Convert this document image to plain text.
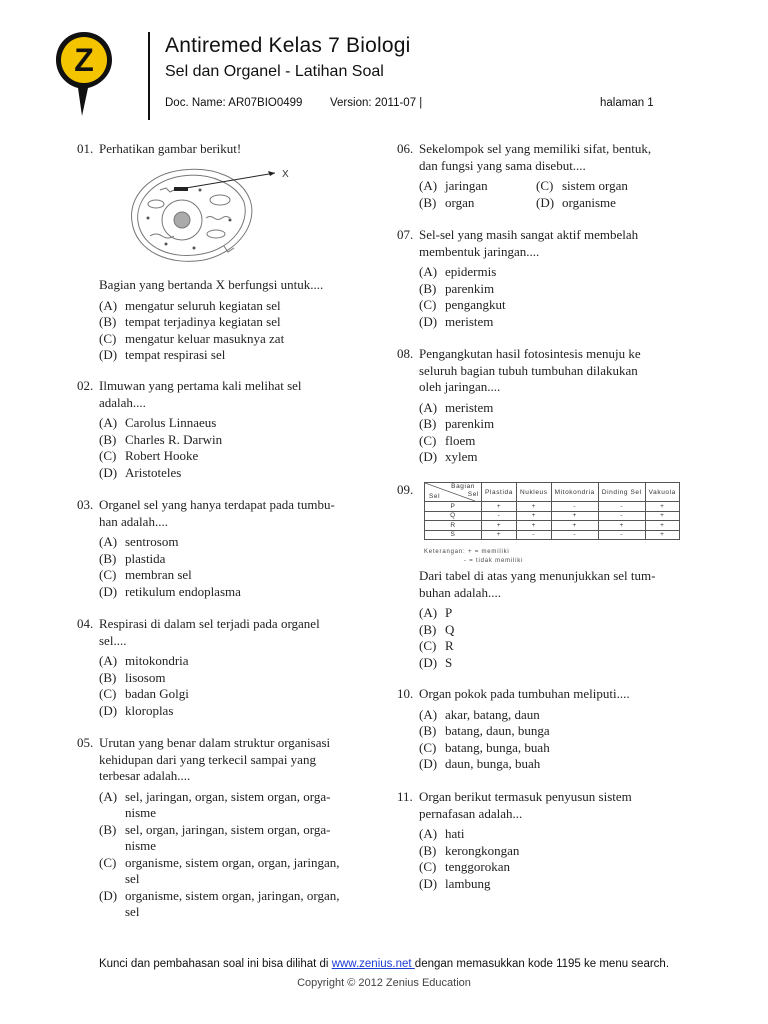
Z	Antiremed Kelas 7 Biologi
Sel dan Organel - Latihan Soal
Doc. Name: AR07BIO0499 Version: 2011-07 |	halaman 1
01. Perhatikan gambar berikut!
X
Bagian yang bertanda X berfungsi untuk....
(A) mengatur seluruh kegiatan sel
(B) tempat terjadinya kegiatan sel
(C) mengatur keluar masuknya zat
(D) tempat respirasi sel
02. Ilmuwan yang pertama kali melihat sel
adalah....
(A) Carolus Linnaeus
(B) Charles R. Darwin
(C) Robert Hooke
(D) Aristoteles
03. Organel sel yang hanya terdapat pada tumbu-
han adalah....
(A) sentrosom
(B) plastida
(C) membran sel
(D) retikulum endoplasma
04. Respirasi di dalam sel terjadi pada organel
sel....
(A) mitokondria
(B) lisosom
(C) badan Golgi
(D) kloroplas
05. Urutan yang benar dalam struktur organisasi
kehidupan dari yang terkecil sampai yang
terbesar adalah....
(A) sel, jaringan, organ, sistem organ, orga-
nisme
(B) sel, organ, jaringan, sistem organ, orga-
nisme
(C) organisme, sistem organ, organ, jaringan,
sel
(D) organisme, sistem organ, jaringan, organ,
sel
06. Sekelompok sel yang memiliki sifat, bentuk,
dan fungsi yang sama disebut....
(A) jaringan	(C) sistem organ
(B) organ	(D) organisme
07. Sel-sel yang masih sangat aktif membelah
membentuk jaringan....
(A) epidermis
(B) parenkim
(C) pengangkut
(D) meristem
08. Pengangkutan hasil fotosintesis menuju ke
seluruh bagian tubuh tumbuhan dilakukan
oleh jaringan....
(A) meristem
(B) parenkim
(C) floem
(D) xylem
09.	Bagian
Sel
Sel	Plastida	Nukleus	Mitokondria	Dinding Sel	Vakuola
P	+	+	-	-	+
Q	-	+	+	-	+
R	+	+	+	+	+
S	+	-	-	-	+
Keterangan: + = memiliki
- = tidak memiliki
Dari tabel di atas yang menunjukkan sel tum-
buhan adalah....
(A) P
(B) Q
(C) R
(D) S
10. Organ pokok pada tumbuhan meliputi....
(A) akar, batang, daun
(B) batang, daun, bunga
(C) batang, bunga, buah
(D) daun, bunga, buah
11. Organ berikut termasuk penyusun sistem
pernafasan adalah...
(A) hati
(B) kerongkongan
(C) tenggorokan
(D) lambung
Kunci dan pembahasan soal ini bisa dilihat di www.zenius.net dengan memasukkan kode 1195 ke menu search.
Copyright © 2012 Zenius Education
